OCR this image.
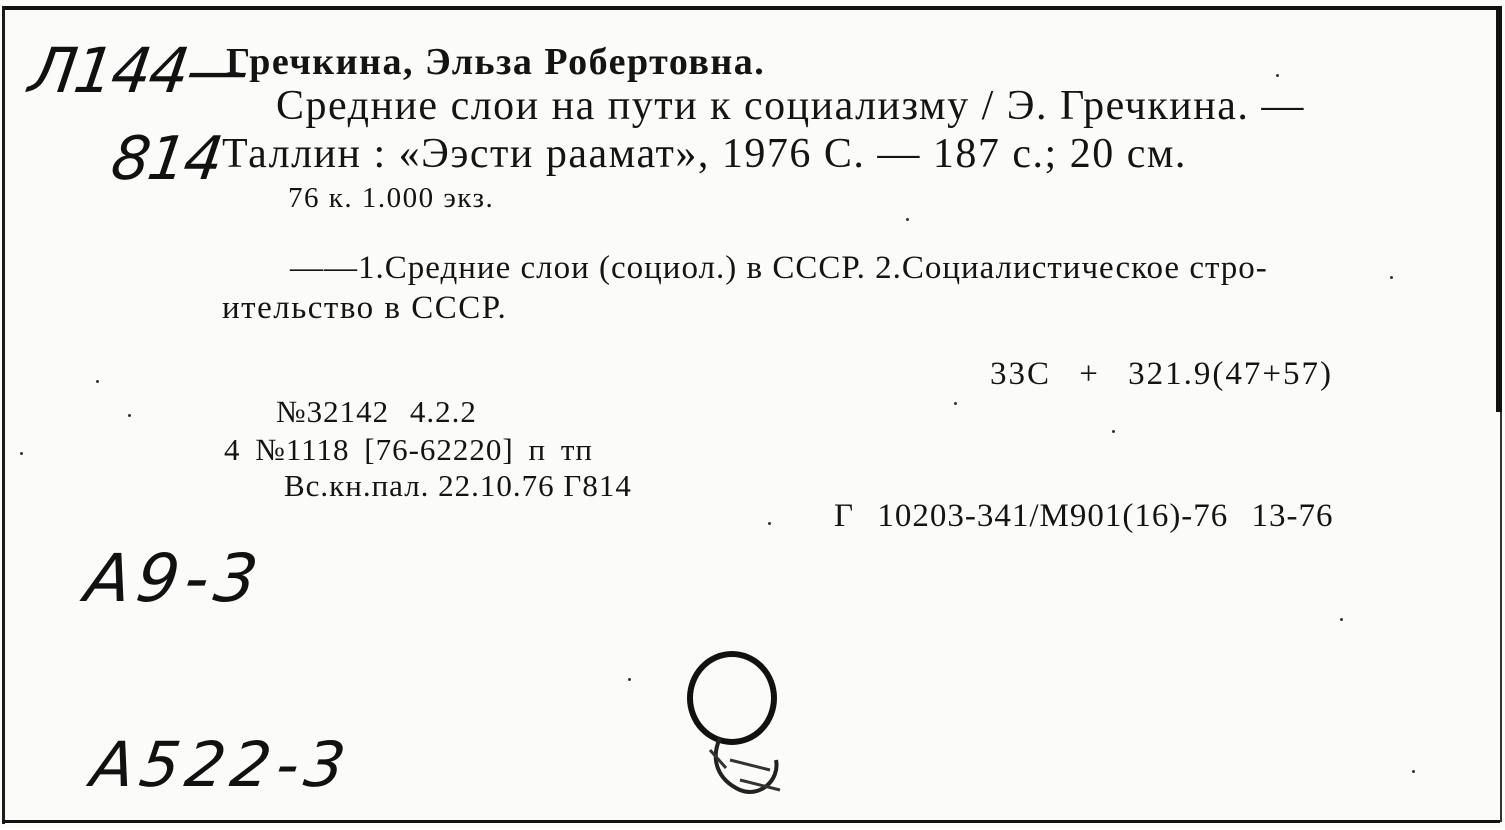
Л144—
814
А9-3
А522-3
Гречкина, Эльза Робертовна.
Средние слои на пути к социализму / Э. Гречкина. —
Таллин : «Ээсти раамат», 1976 С. — 187 с.; 20 см.
76 к. 1.000 экз.
——1.Средние слои (социол.) в СССР. 2.Социалистическое стро-
ительство в СССР.
33С + 321.9(47+57)
№32142 4.2.2
4 №1118 [76-62220] п тп
Вс.кн.пал. 22.10.76 Г814
Г 10203-341/М901(16)-76 13-76
